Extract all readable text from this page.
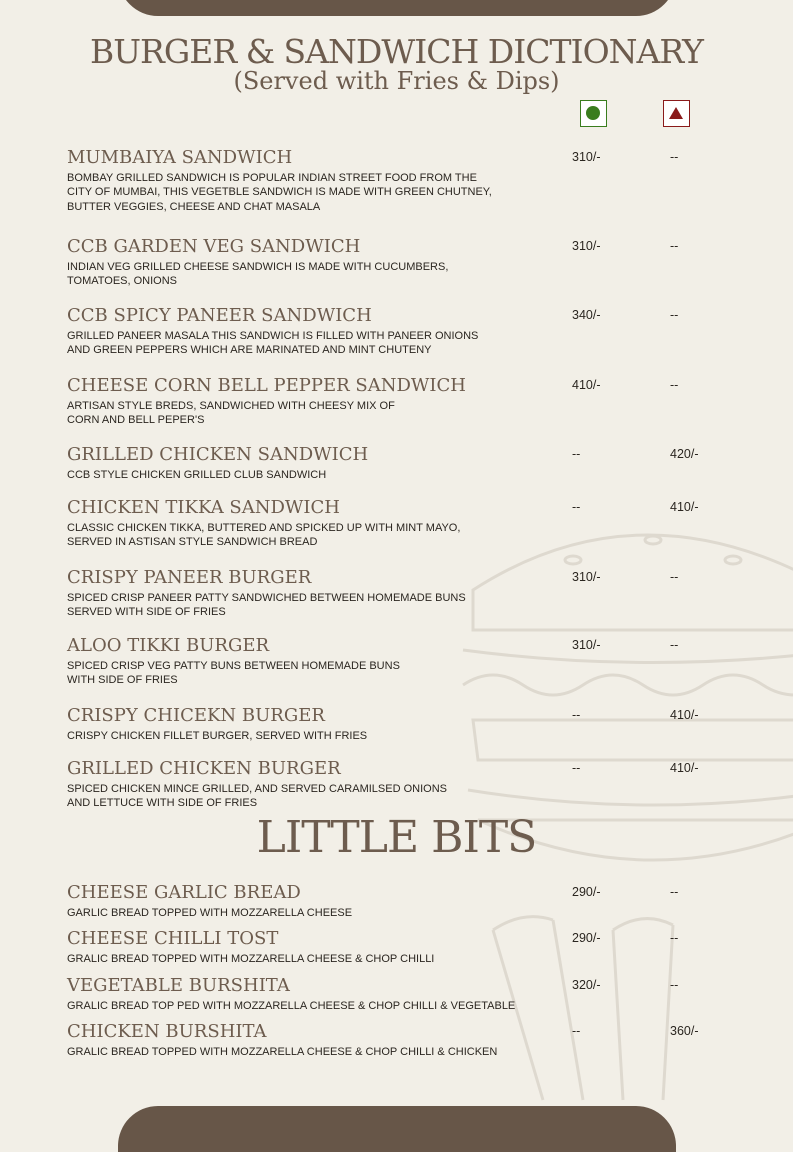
BURGER & SANDWICH DICTIONARY
(Served with Fries & Dips)
MUMBAIYA SANDWICH
BOMBAY GRILLED SANDWICH IS POPULAR INDIAN STREET FOOD FROM THE
CITY OF MUMBAI, THIS VEGETBLE SANDWICH IS MADE WITH GREEN CHUTNEY,
BUTTER VEGGIES, CHEESE AND CHAT MASALA
310/-	--
CCB GARDEN VEG SANDWICH
INDIAN VEG GRILLED CHEESE SANDWICH IS MADE WITH CUCUMBERS,
TOMATOES, ONIONS
310/-	--
CCB SPICY PANEER SANDWICH
GRILLED PANEER MASALA THIS SANDWICH IS FILLED WITH PANEER ONIONS
AND GREEN PEPPERS WHICH ARE MARINATED AND MINT CHUTENY
340/-	--
CHEESE CORN BELL PEPPER SANDWICH
ARTISAN STYLE BREDS, SANDWICHED WITH CHEESY MIX OF
CORN AND BELL PEPER'S
410/-	--
GRILLED CHICKEN SANDWICH
CCB STYLE CHICKEN GRILLED CLUB SANDWICH
--	420/-
CHICKEN TIKKA SANDWICH
CLASSIC CHICKEN TIKKA, BUTTERED AND SPICKED UP WITH MINT MAYO,
SERVED IN ASTISAN STYLE SANDWICH BREAD
--	410/-
CRISPY PANEER BURGER
SPICED CRISP PANEER PATTY SANDWICHED BETWEEN HOMEMADE BUNS
SERVED WITH SIDE OF FRIES
310/-	--
ALOO TIKKI BURGER
SPICED CRISP VEG PATTY BUNS BETWEEN HOMEMADE BUNS
WITH SIDE OF FRIES
310/-	--
CRISPY CHICEKN BURGER
CRISPY CHICKEN FILLET BURGER, SERVED WITH FRIES
--	410/-
GRILLED CHICKEN BURGER
SPICED CHICKEN MINCE GRILLED, AND SERVED CARAMILSED ONIONS
AND LETTUCE WITH SIDE OF FRIES
--	410/-
LITTLE BITS
CHEESE GARLIC BREAD
GARLIC BREAD TOPPED WITH MOZZARELLA CHEESE
290/-	--
CHEESE CHILLI TOST
GRALIC BREAD TOPPED WITH MOZZARELLA CHEESE & CHOP CHILLI
290/-	--
VEGETABLE BURSHITA
GRALIC BREAD TOP PED WITH MOZZARELLA CHEESE & CHOP CHILLI & VEGETABLE
320/-	--
CHICKEN BURSHITA
GRALIC BREAD TOPPED WITH MOZZARELLA CHEESE & CHOP CHILLI & CHICKEN
--	360/-
